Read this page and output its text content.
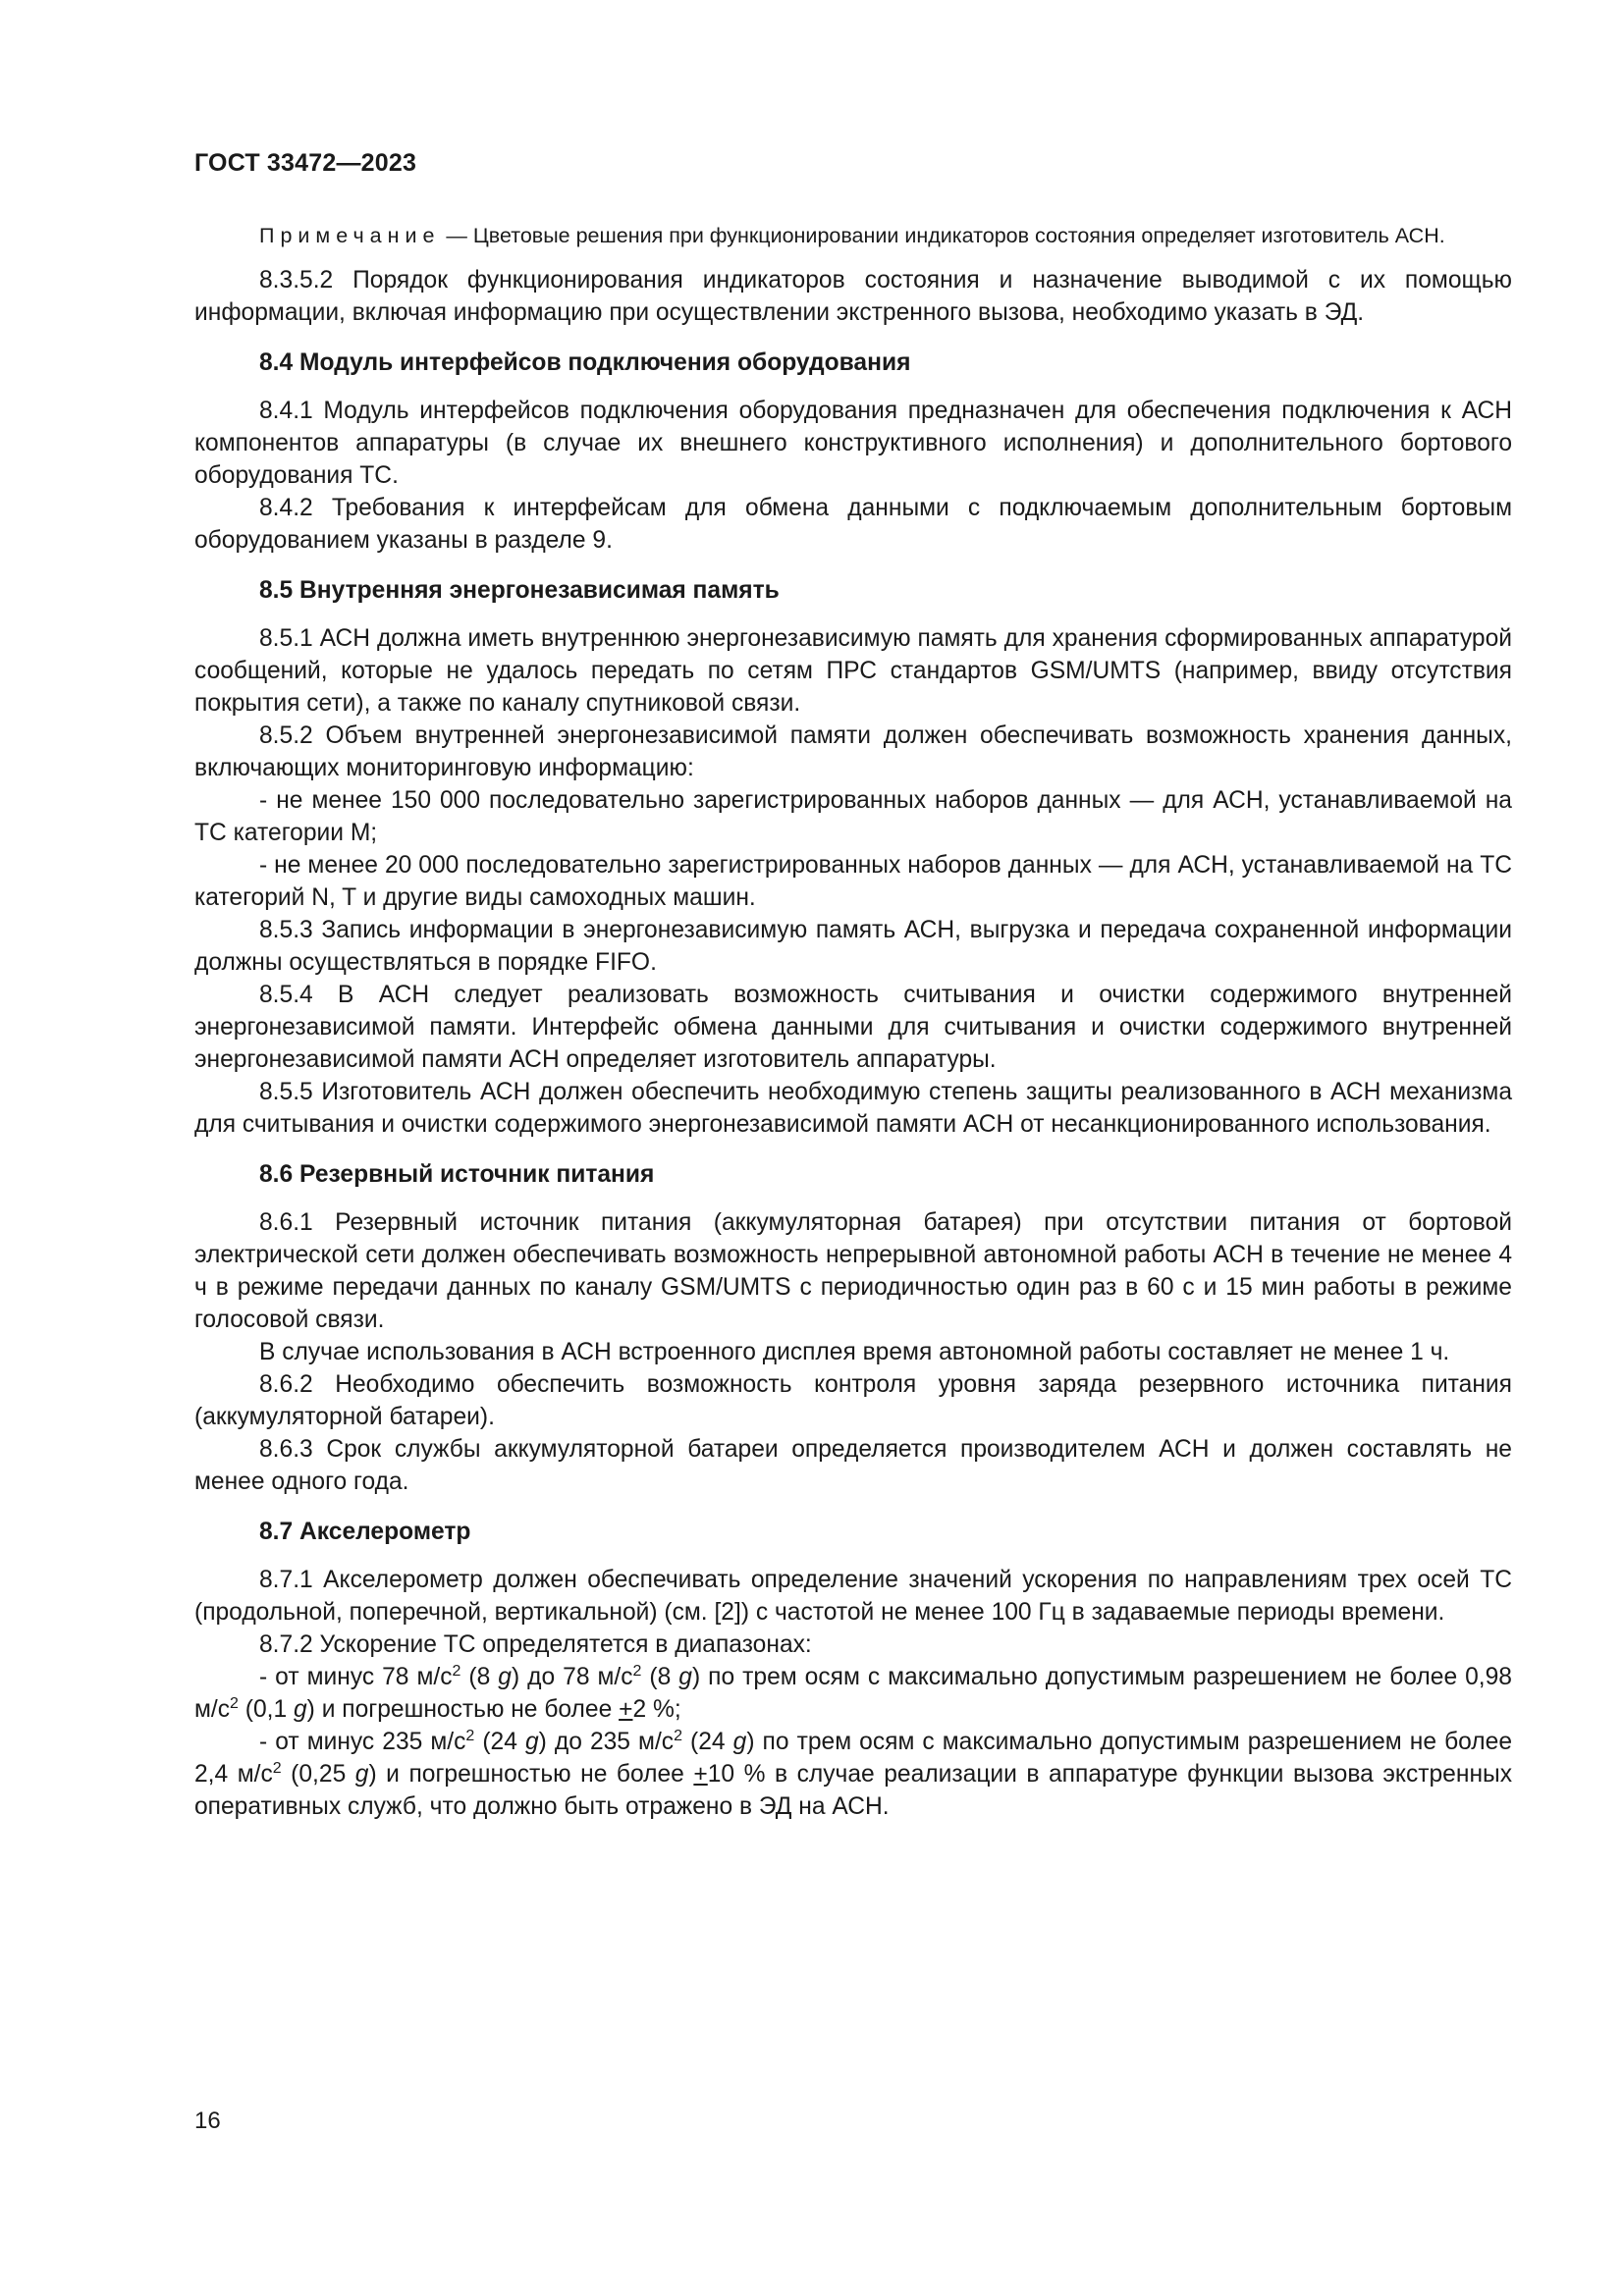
ГОСТ 33472—2023

Примечание — Цветовые решения при функционировании индикаторов состояния определяет изготовитель АСН.

8.3.5.2 Порядок функционирования индикаторов состояния и назначение выводимой с их помощью информации, включая информацию при осуществлении экстренного вызова, необходимо указать в ЭД.

8.4 Модуль интерфейсов подключения оборудования

8.4.1 Модуль интерфейсов подключения оборудования предназначен для обеспечения подключения к АСН компонентов аппаратуры (в случае их внешнего конструктивного исполнения) и дополнительного бортового оборудования ТС.

8.4.2 Требования к интерфейсам для обмена данными с подключаемым дополнительным бортовым оборудованием указаны в разделе 9.

8.5 Внутренняя энергонезависимая память

8.5.1 АСН должна иметь внутреннюю энергонезависимую память для хранения сформированных аппаратурой сообщений, которые не удалось передать по сетям ПРС стандартов GSM/UMTS (например, ввиду отсутствия покрытия сети), а также по каналу спутниковой связи.

8.5.2 Объем внутренней энергонезависимой памяти должен обеспечивать возможность хранения данных, включающих мониторинговую информацию:

- не менее 150 000 последовательно зарегистрированных наборов данных — для АСН, устанавливаемой на ТС категории М;

- не менее 20 000 последовательно зарегистрированных наборов данных — для АСН, устанавливаемой на ТС категорий N, T и другие виды самоходных машин.

8.5.3 Запись информации в энергонезависимую память АСН, выгрузка и передача сохраненной информации должны осуществляться в порядке FIFO.

8.5.4 В АСН следует реализовать возможность считывания и очистки содержимого внутренней энергонезависимой памяти. Интерфейс обмена данными для считывания и очистки содержимого внутренней энергонезависимой памяти АСН определяет изготовитель аппаратуры.

8.5.5 Изготовитель АСН должен обеспечить необходимую степень защиты реализованного в АСН механизма для считывания и очистки содержимого энергонезависимой памяти АСН от несанкционированного использования.

8.6 Резервный источник питания

8.6.1 Резервный источник питания (аккумуляторная батарея) при отсутствии питания от бортовой электрической сети должен обеспечивать возможность непрерывной автономной работы АСН в течение не менее 4 ч в режиме передачи данных по каналу GSM/UMTS с периодичностью один раз в 60 с и 15 мин работы в режиме голосовой связи.

В случае использования в АСН встроенного дисплея время автономной работы составляет не менее 1 ч.

8.6.2 Необходимо обеспечить возможность контроля уровня заряда резервного источника питания (аккумуляторной батареи).

8.6.3 Срок службы аккумуляторной батареи определяется производителем АСН и должен составлять не менее одного года.

8.7 Акселерометр

8.7.1 Акселерометр должен обеспечивать определение значений ускорения по направлениям трех осей ТС (продольной, поперечной, вертикальной) (см. [2]) с частотой не менее 100 Гц в задаваемые периоды времени.

8.7.2 Ускорение ТС определятется в диапазонах:

- от минус 78 $м/с^2$ (8 g) до 78 $м/с^2$ (8 g) по трем осям с максимально допустимым разрешением не более 0,98 $м/с^2$ (0,1 g) и погрешностью не более +2 %;

- от минус 235 $м/с^2$ (24 g) до 235 $м/с^2$ (24 g) по трем осям с максимально допустимым разрешением не более 2,4 $м/с^2$ (0,25 g) и погрешностью не более +10 % в случае реализации в аппаратуре функции вызова экстренных оперативных служб, что должно быть отражено в ЭД на АСН.

16
